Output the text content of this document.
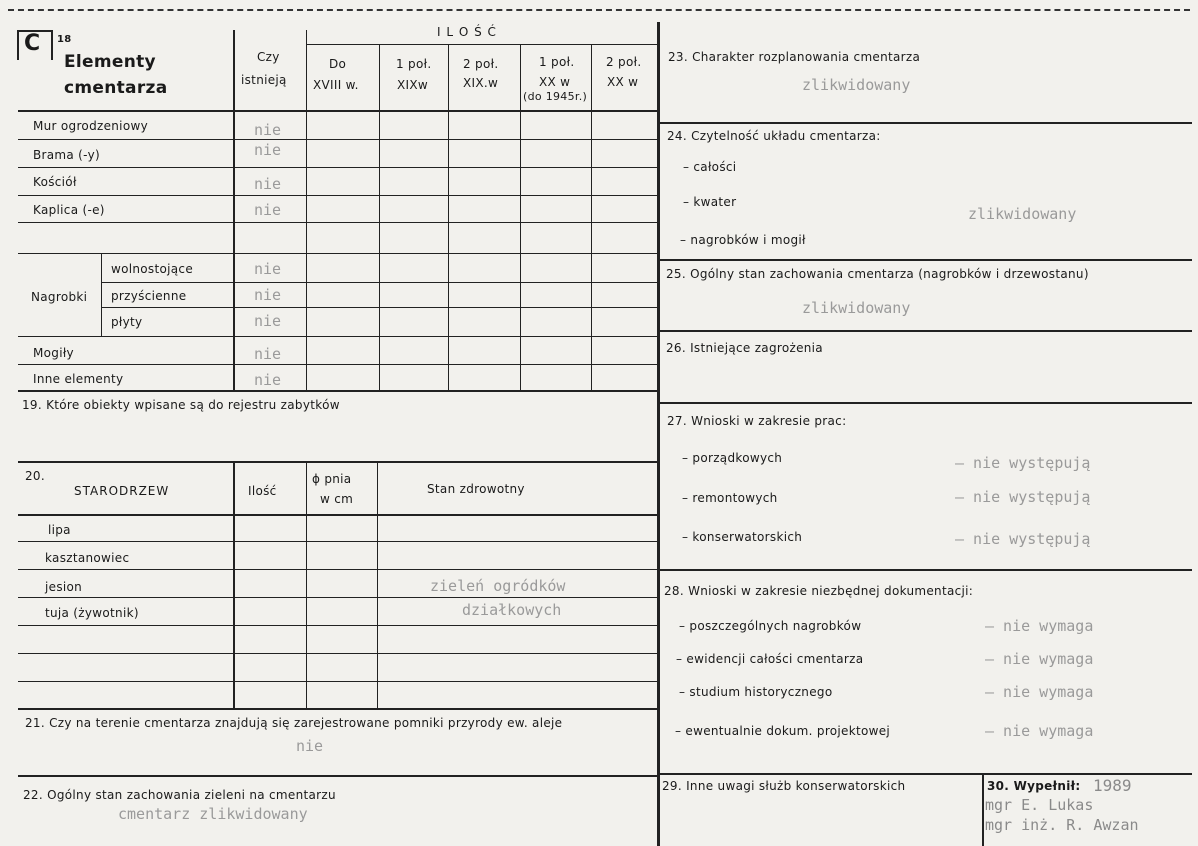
C 18
Elementy
cmentarza
Czy
istnieją
I L O Ś Ć
Do
XVIII w.
1 poł.
XIXw
2 poł.
XIX.w
1 poł.
XX w
(do 1945r.)
2 poł.
XX w
Mur ogrodzeniowy
Brama (-y)
Kościół
Kaplica (-e)
Nagrobki
wolnostojące
przyścienne
płyty
Mogiły
Inne elementy
nie
nie
nie
nie
nie
nie
nie
nie
nie
19. Które obiekty wpisane są do rejestru zabytków
20.
STARODRZEW	Ilość
ϕ pnia
w cm
Stan zdrowotny
lipa
kasztanowiec
jesion
tuja (żywotnik)
zieleń ogródków
działkowych
21. Czy na terenie cmentarza znajdują się zarejestrowane pomniki przyrody ew. aleje
nie
22. Ogólny stan zachowania zieleni na cmentarzu
cmentarz zlikwidowany
23. Charakter rozplanowania cmentarza
zlikwidowany
24. Czytelność układu cmentarza:
– całości
– kwater
– nagrobków i mogił
zlikwidowany
25. Ogólny stan zachowania cmentarza (nagrobków i drzewostanu)
zlikwidowany
26. Istniejące zagrożenia
27. Wnioski w zakresie prac:
– porządkowych
– remontowych
– konserwatorskich
– nie występują
– nie występują
– nie występują
28. Wnioski w zakresie niezbędnej dokumentacji:
– poszczególnych nagrobków
– ewidencji całości cmentarza
– studium historycznego
– ewentualnie dokum. projektowej
– nie wymaga
– nie wymaga
– nie wymaga
– nie wymaga
29. Inne uwagi służb konserwatorskich	30. Wypełnił: 1989
mgr E. Lukas
mgr inż. R. Awzan
